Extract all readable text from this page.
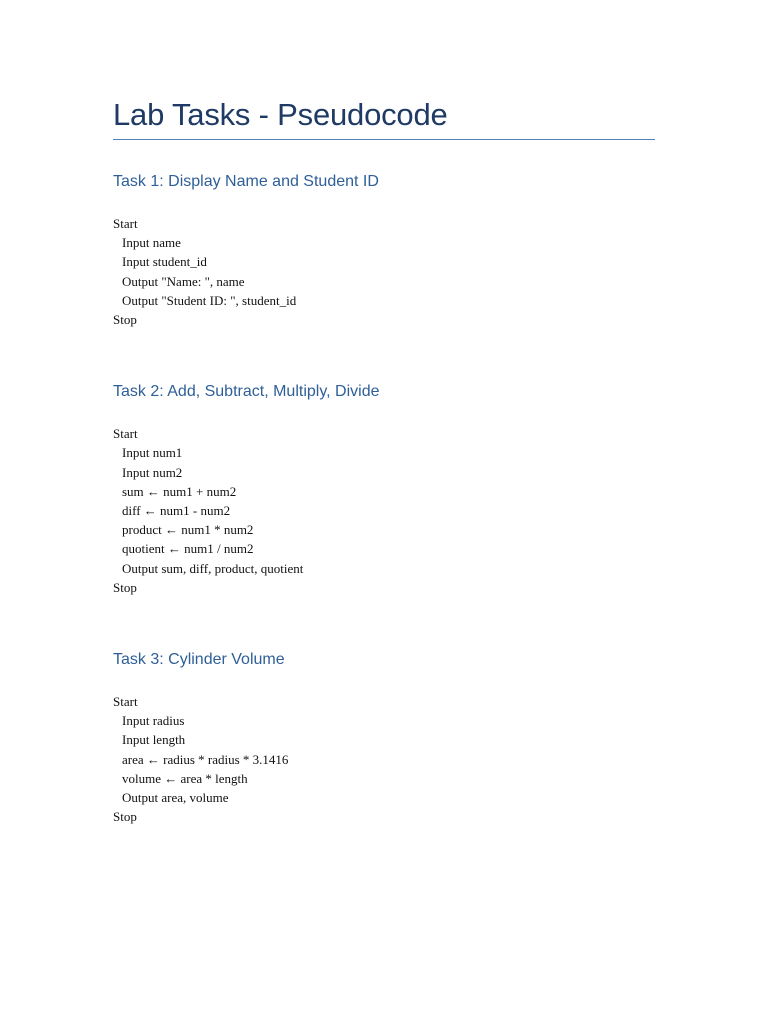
Lab Tasks - Pseudocode
Task 1: Display Name and Student ID
Start
Input name
Input student_id
Output "Name: ", name
Output "Student ID: ", student_id
Stop
Task 2: Add, Subtract, Multiply, Divide
Start
Input num1
Input num2
sum ← num1 + num2
diff ← num1 - num2
product ← num1 * num2
quotient ← num1 / num2
Output sum, diff, product, quotient
Stop
Task 3: Cylinder Volume
Start
Input radius
Input length
area ← radius * radius * 3.1416
volume ← area * length
Output area, volume
Stop
